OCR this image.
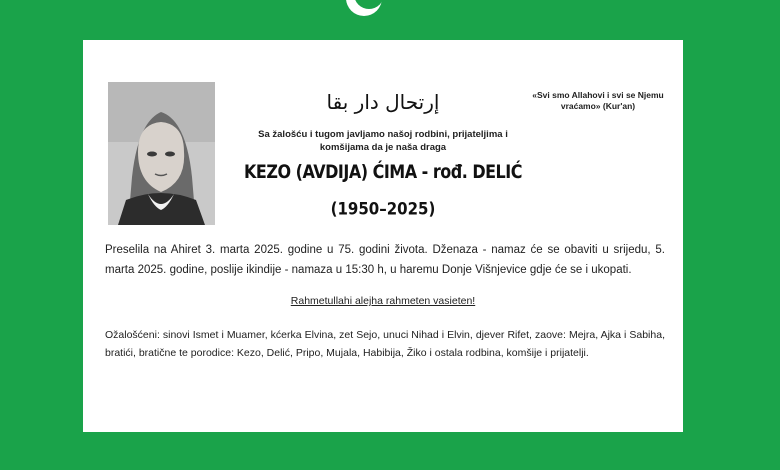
إرتحال دار بقا	«Svi smo Allahovi i svi se Njemu vraćamo» (Kur'an)
Sa žalošću i tugom javljamo našoj rodbini, prijateljima i komšijama da je naša draga
KEZO (AVDIJA) ĆIMA - rođ. DELIĆ
(1950–2025)
Preselila na Ahiret 3. marta 2025. godine u 75. godini života. Dženaza - namaz će se obaviti u srijedu, 5. marta 2025. godine, poslije ikindije - namaza u 15:30 h, u haremu Donje Višnjevice gdje će se i ukopati.
Rahmetullahi alejha rahmeten vasieten!
Ožalošćeni: sinovi Ismet i Muamer, kćerka Elvina, zet Sejo, unuci Nihad i Elvin, djever Rifet, zaove: Mejra, Ajka i Sabiha, bratići, bratične te porodice: Kezo, Delić, Pripo, Mujala, Habibija, Žiko i ostala rodbina, komšije i prijatelji.
